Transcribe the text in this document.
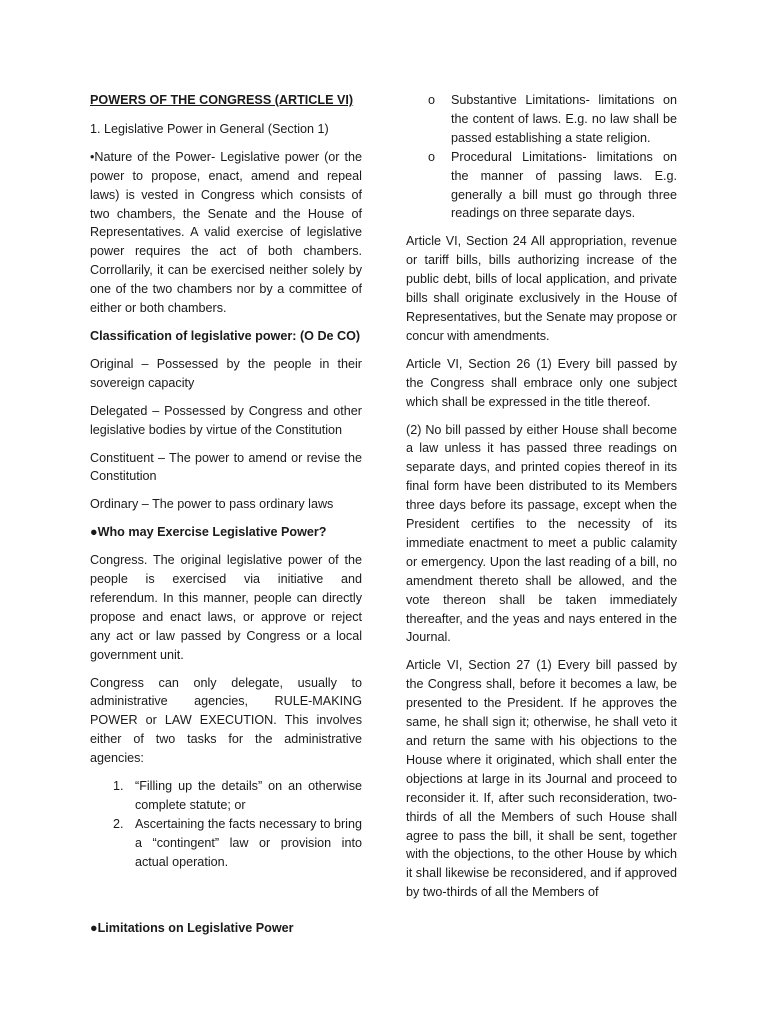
POWERS OF THE CONGRESS (ARTICLE VI)

1. Legislative Power in General (Section 1)

•Nature of the Power- Legislative power (or the power to propose, enact, amend and repeal laws) is vested in Congress which consists of two chambers, the Senate and the House of Representatives. A valid exercise of legislative power requires the act of both chambers. Corrollarily, it can be exercised neither solely by one of the two chambers nor by a committee of either or both chambers.

Classification of legislative power: (O De CO)

Original – Possessed by the people in their sovereign capacity

Delegated – Possessed by Congress and other legislative bodies by virtue of the Constitution

Constituent – The power to amend or revise the Constitution

Ordinary – The power to pass ordinary laws

●Who may Exercise Legislative Power?

Congress. The original legislative power of the people is exercised via initiative and referendum. In this manner, people can directly propose and enact laws, or approve or reject any act or law passed by Congress or a local government unit.

Congress can only delegate, usually to administrative agencies, RULE-MAKING POWER or LAW EXECUTION. This involves either of two tasks for the administrative agencies:

1. “Filling up the details” on an otherwise complete statute; or
2. Ascertaining the facts necessary to bring a “contingent” law or provision into actual operation.

●Limitations on Legislative Power

o Substantive Limitations- limitations on the content of laws. E.g. no law shall be passed establishing a state religion.
o Procedural Limitations- limitations on the manner of passing laws. E.g. generally a bill must go through three readings on three separate days.

Article VI, Section 24 All appropriation, revenue or tariff bills, bills authorizing increase of the public debt, bills of local application, and private bills shall originate exclusively in the House of Representatives, but the Senate may propose or concur with amendments.

Article VI, Section 26 (1) Every bill passed by the Congress shall embrace only one subject which shall be expressed in the title thereof.

(2) No bill passed by either House shall become a law unless it has passed three readings on separate days, and printed copies thereof in its final form have been distributed to its Members three days before its passage, except when the President certifies to the necessity of its immediate enactment to meet a public calamity or emergency. Upon the last reading of a bill, no amendment thereto shall be allowed, and the vote thereon shall be taken immediately thereafter, and the yeas and nays entered in the Journal.

Article VI, Section 27 (1) Every bill passed by the Congress shall, before it becomes a law, be presented to the President. If he approves the same, he shall sign it; otherwise, he shall veto it and return the same with his objections to the House where it originated, which shall enter the objections at large in its Journal and proceed to reconsider it. If, after such reconsideration, two-thirds of all the Members of such House shall agree to pass the bill, it shall be sent, together with the objections, to the other House by which it shall likewise be reconsidered, and if approved by two-thirds of all the Members of
